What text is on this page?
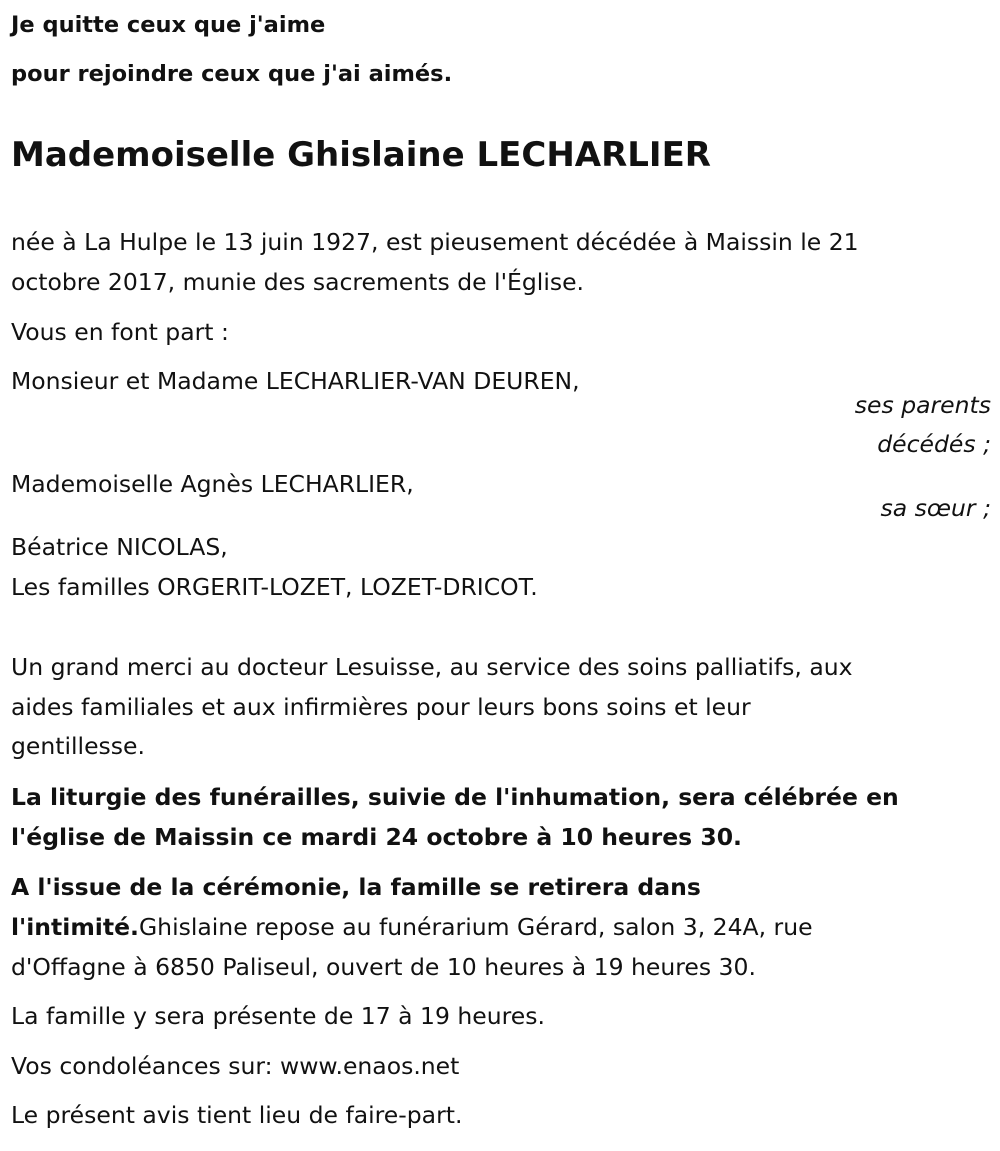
Je quitte ceux que j'aime
pour rejoindre ceux que j'ai aimés.
Mademoiselle Ghislaine LECHARLIER
née à La Hulpe le 13 juin 1927, est pieusement décédée à Maissin le 21
octobre 2017, munie des sacrements de l'Église.
Vous en font part :
Monsieur et Madame LECHARLIER-VAN DEUREN,
ses parents
décédés ;
Mademoiselle Agnès LECHARLIER,
sa sœur ;
Béatrice NICOLAS,
Les familles ORGERIT-LOZET, LOZET-DRICOT.
Un grand merci au docteur Lesuisse, au service des soins palliatifs, aux
aides familiales et aux infirmières pour leurs bons soins et leur
gentillesse.
La liturgie des funérailles, suivie de l'inhumation, sera célébrée en
l'église de Maissin ce mardi 24 octobre à 10 heures 30.
A l'issue de la cérémonie, la famille se retirera dans
l'intimité.Ghislaine repose au funérarium Gérard, salon 3, 24A, rue
d'Offagne à 6850 Paliseul, ouvert de 10 heures à 19 heures 30.
La famille y sera présente de 17 à 19 heures.
Vos condoléances sur: www.enaos.net
Le présent avis tient lieu de faire-part.
